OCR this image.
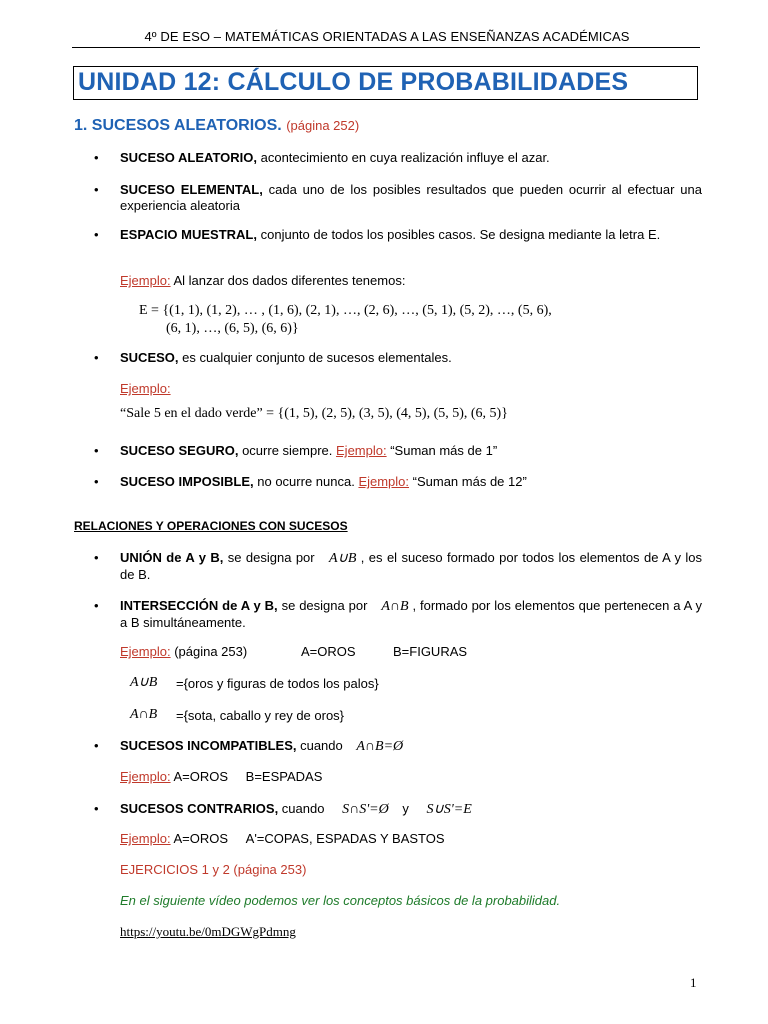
4º DE ESO – MATEMÁTICAS ORIENTADAS A LAS ENSEÑANZAS ACADÉMICAS
UNIDAD 12: CÁLCULO DE PROBABILIDADES
1. SUCESOS ALEATORIOS. (página 252)
• SUCESO ALEATORIO, acontecimiento en cuya realización influye el azar.
• SUCESO ELEMENTAL, cada uno de los posibles resultados que pueden ocurrir al efectuar una experiencia aleatoria
• ESPACIO MUESTRAL, conjunto de todos los posibles casos. Se designa mediante la letra E.
Ejemplo: Al lanzar dos dados diferentes tenemos:
E = {(1, 1), (1, 2), … , (1, 6), (2, 1), …, (2, 6), …, (5, 1), (5, 2), …, (5, 6),
(6, 1), …, (6, 5), (6, 6)}
• SUCESO, es cualquier conjunto de sucesos elementales.
Ejemplo:
“Sale 5 en el dado verde” = {(1, 5), (2, 5), (3, 5), (4, 5), (5, 5), (6, 5)}
• SUCESO SEGURO, ocurre siempre. Ejemplo: “Suman más de 1”
• SUCESO IMPOSIBLE, no ocurre nunca. Ejemplo: “Suman más de 12”
RELACIONES Y OPERACIONES CON SUCESOS
• UNIÓN de A y B, se designa por A∪B , es el suceso formado por todos los elementos de A y los de B.
• INTERSECCIÓN de A y B, se designa por A∩B , formado por los elementos que pertenecen a A y a B simultáneamente.
Ejemplo: (página 253)	A=OROS	B=FIGURAS
A∪B ={oros y figuras de todos los palos}
A∩B ={sota, caballo y rey de oros}
• SUCESOS INCOMPATIBLES, cuando A∩B=Ø
Ejemplo: A=OROS B=ESPADAS
• SUCESOS CONTRARIOS, cuando S∩S'=Ø y S∪S'=E
Ejemplo: A=OROS A'=COPAS, ESPADAS Y BASTOS
EJERCICIOS 1 y 2 (página 253)
En el siguiente vídeo podemos ver los conceptos básicos de la probabilidad.
https://youtu.be/0mDGWgPdmng
1
